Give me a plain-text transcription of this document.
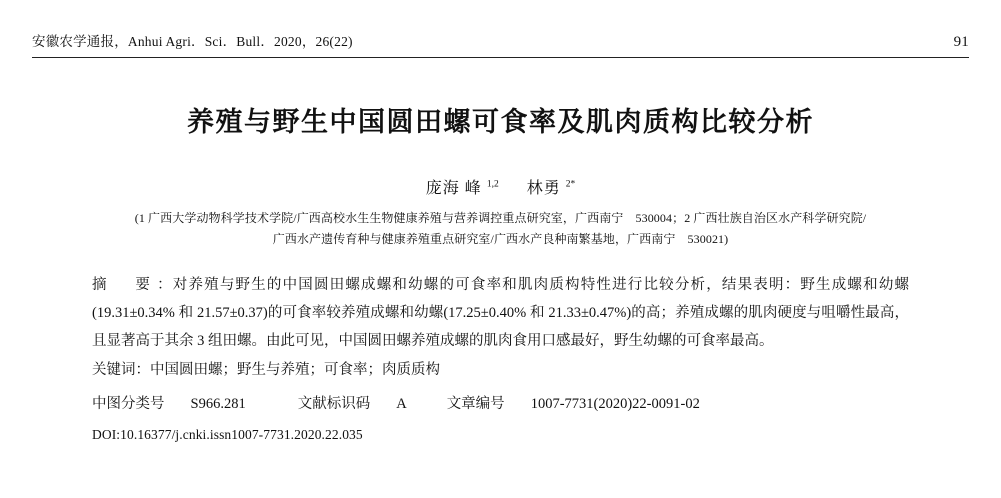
安徽农学通报，Anhui Agri．Sci．Bull．2020，26(22)	91
养殖与野生中国圆田螺可食率及肌肉质构比较分析
庞海峰$^{1,2}$ 林勇$^{2*}$
(1 广西大学动物科学技术学院/广西高校水生生物健康养殖与营养调控重点研究室，广西南宁　530004；2 广西壮族自治区水产科学研究院/
广西水产遗传育种与健康养殖重点研究室/广西水产良种南繁基地，广西南宁　530021)
摘　要：对养殖与野生的中国圆田螺成螺和幼螺的可食率和肌肉质构特性进行比较分析，结果表明：野生成螺和幼螺(19.31±0.34% 和 21.57±0.37)的可食率较养殖成螺和幼螺(17.25±0.40% 和 21.33±0.47%)的高；养殖成螺的肌肉硬度与咀嚼性最高，且显著高于其余 3 组田螺。由此可见，中国圆田螺养殖成螺的肌肉食用口感最好，野生幼螺的可食率最高。
关键词：中国圆田螺；野生与养殖；可食率；肉质质构
中图分类号 S966.281	文献标识码 A	文章编号 1007-7731(2020)22-0091-02
DOI:10.16377/j.cnki.issn1007-7731.2020.22.035
